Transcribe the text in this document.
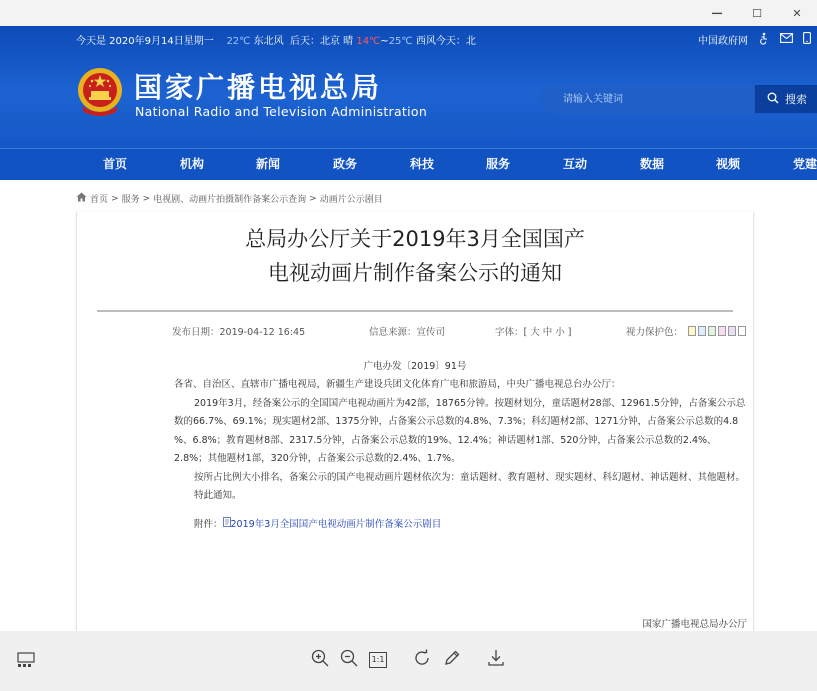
─	☐	✕
今天是 2020年9月14日星期一 22℃ 东北风 后天：北京 晴 14℃~25℃ 西风今天：北	中国政府网
国家广播电视总局
National Radio and Television Administration
请输入关键词
搜索
首页	机构	新闻	政务	科技	服务	互动	数据	视频	党建
首页 > 服务 > 电视剧、动画片拍摄制作备案公示查询 > 动画片公示剧目
总局办公厅关于2019年3月全国国产
电视动画片制作备案公示的通知
发布日期：2019-04-12 16:45	信息来源：宣传司	字体：[ 大 中 小 ]	视力保护色：
广电办发〔2019〕91号

各省、自治区、直辖市广播电视局，新疆生产建设兵团文化体育广电和旅游局，中央广播电视总台办公厅：

2019年3月，经备案公示的全国国产电视动画片为42部，18765分钟。按题材划分，童话题材28部、12961.5分钟，占备案公示总数的66.7%、69.1%；现实题材2部、1375分钟，占备案公示总数的4.8%、7.3%；科幻题材2部、1271分钟，占备案公示总数的4.8 %、6.8%；教育题材8部、2317.5分钟，占备案公示总数的19%、12.4%；神话题材1部、520分钟，占备案公示总数的2.4%、2.8%；其他题材1部，320分钟，占备案公示总数的2.4%、1.7%。

按所占比例大小排名，备案公示的国产电视动画片题材依次为：童话题材、教育题材、现实题材、科幻题材、神话题材、其他题材。

特此通知。

附件： 2019年3月全国国产电视动画片制作备案公示剧目

国家广播电视总局办公厅
1:1
